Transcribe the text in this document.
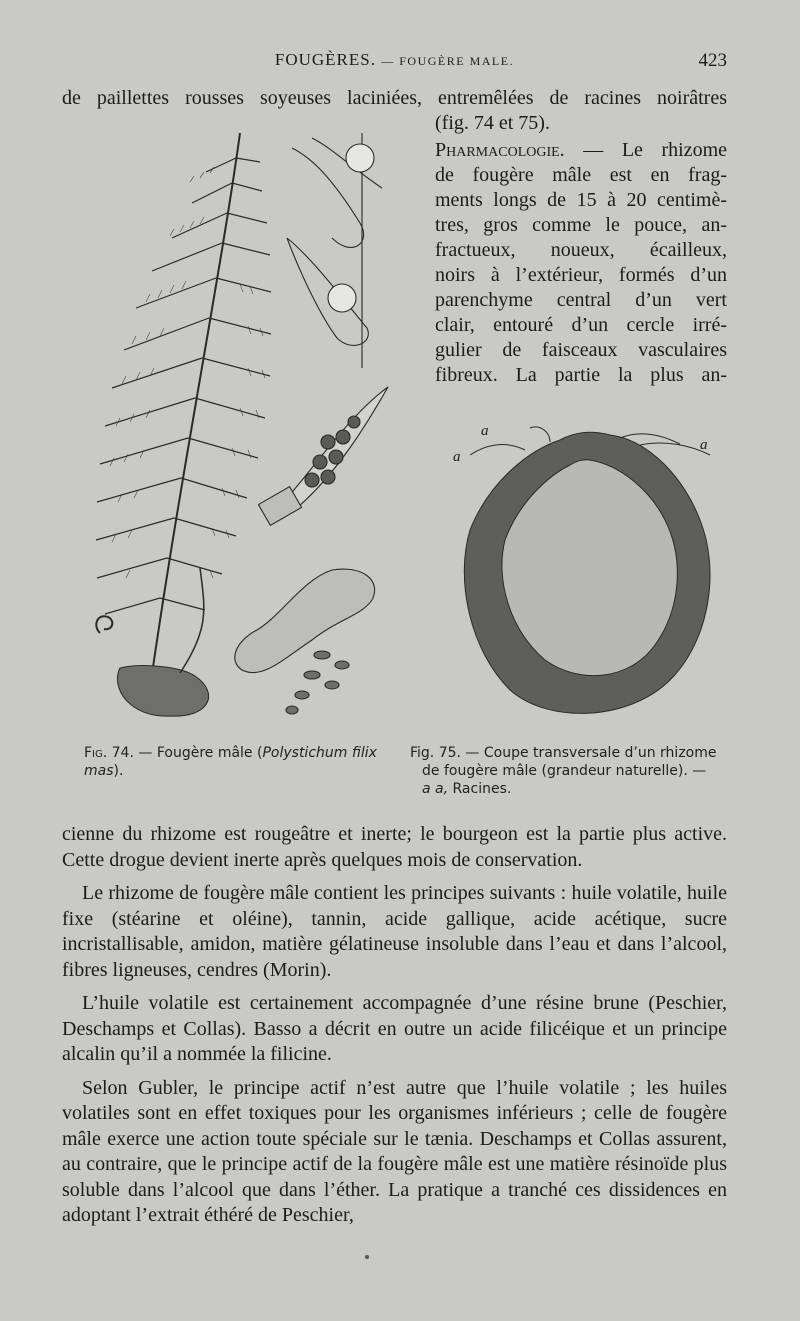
FOUGÈRES. — FOUGÈRE MALE.	423
de paillettes rousses soyeuses laciniées, entremêlées de racines noirâtres
(fig. 74 et 75).
Pharmacologie. — Le rhizome
de fougère mâle est en frag-
ments longs de 15 à 20 centimè-
tres, gros comme le pouce, an-
fractueux, noueux, écailleux,
noirs à l’extérieur, formés d’un
parenchyme central d’un vert
clair, entouré d’un cercle irré-
gulier de faisceaux vasculaires
fibreux. La partie la plus an-
a
a
a
Fig. 74. — Fougère mâle (Polystichum filix mas).
Fig. 75. — Coupe transversale d’un rhizome
de fougère mâle (grandeur naturelle). —
a a, Racines.

cienne du rhizome est rougeâtre et inerte; le bourgeon est la partie plus active. Cette drogue devient inerte après quelques mois de conservation.

Le rhizome de fougère mâle contient les principes suivants : huile volatile, huile fixe (stéarine et oléine), tannin, acide gallique, acide acétique, sucre incristallisable, amidon, matière gélatineuse insoluble dans l’eau et dans l’alcool, fibres ligneuses, cendres (Morin).

L’huile volatile est certainement accompagnée d’une résine brune (Peschier, Deschamps et Collas). Basso a décrit en outre un acide filicéique et un principe alcalin qu’il a nommée la filicine.

Selon Gubler, le principe actif n’est autre que l’huile volatile ; les huiles volatiles sont en effet toxiques pour les organismes inférieurs ; celle de fougère mâle exerce une action toute spéciale sur le tænia. Deschamps et Collas assurent, au contraire, que le principe actif de la fougère mâle est une matière résinoïde plus soluble dans l’alcool que dans l’éther. La pratique a tranché ces dissidences en adoptant l’extrait éthéré de Peschier,
